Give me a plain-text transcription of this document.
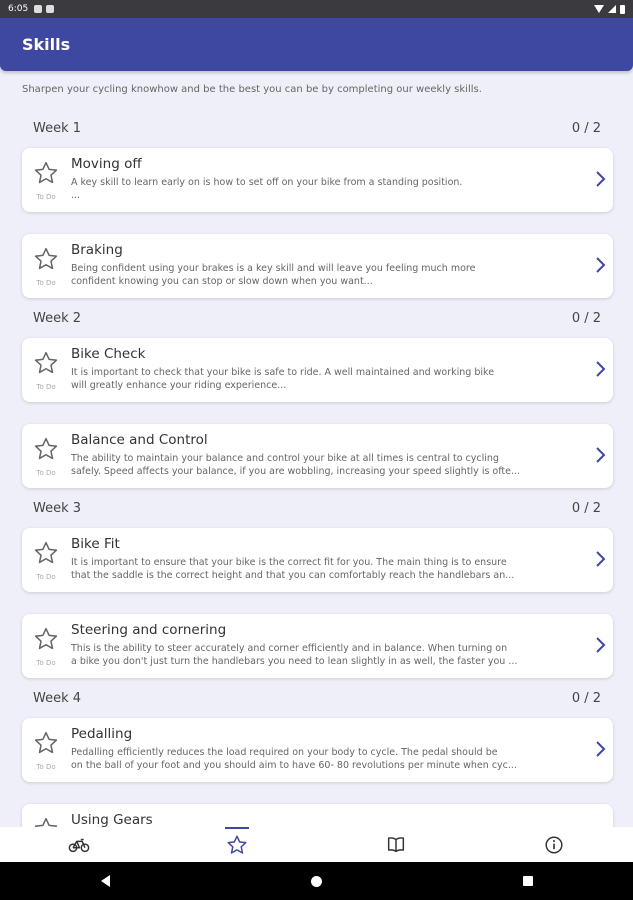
6:05
Skills
Sharpen your cycling knowhow and be the best you can be by completing our weekly skills.
Week 1	0 / 2
To Do
Moving off
A key skill to learn early on is how to set off on your bike from a standing position.
...
To Do
Braking
Being confident using your brakes is a key skill and will leave you feeling much more
confident knowing you can stop or slow down when you want...
Week 2	0 / 2
To Do
Bike Check
It is important to check that your bike is safe to ride. A well maintained and working bike
will greatly enhance your riding experience...
To Do
Balance and Control
The ability to maintain your balance and control your bike at all times is central to cycling
safely. Speed affects your balance, if you are wobbling, increasing your speed slightly is ofte...
Week 3	0 / 2
To Do
Bike Fit
It is important to ensure that your bike is the correct fit for you. The main thing is to ensure
that the saddle is the correct height and that you can comfortably reach the handlebars an...
To Do
Steering and cornering
This is the ability to steer accurately and corner efficiently and in balance. When turning on
a bike you don't just turn the handlebars you need to lean slightly in as well, the faster you ...
Week 4	0 / 2
To Do
Pedalling
Pedalling efficiently reduces the load required on your body to cycle. The pedal should be
on the ball of your foot and you should aim to have 60- 80 revolutions per minute when cyc...
Using Gears
